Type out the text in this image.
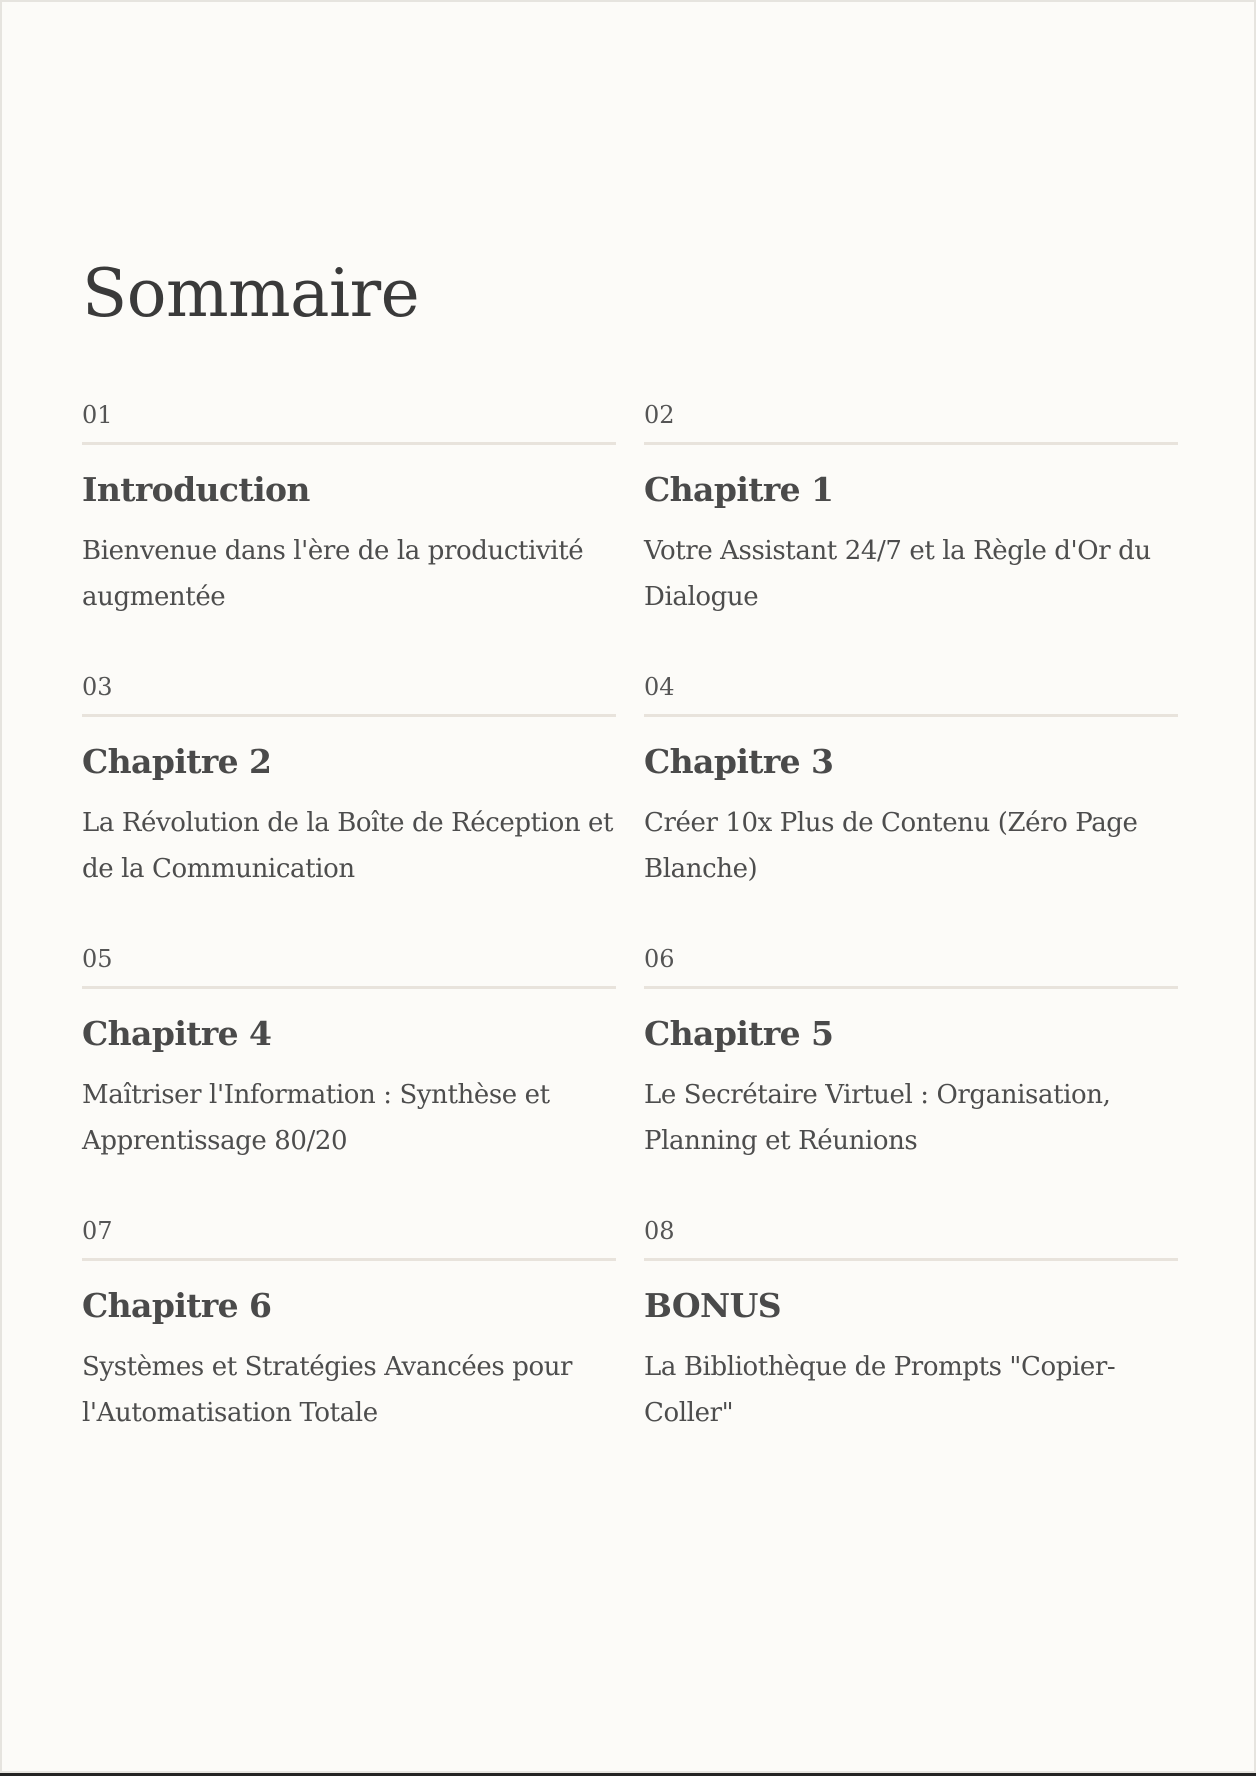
Sommaire
01
Introduction

Bienvenue dans l'ère de la productivité augmentée

02
Chapitre 1

Votre Assistant 24/7 et la Règle d'Or du Dialogue

03
Chapitre 2

La Révolution de la Boîte de Réception et de la Communication

04
Chapitre 3

Créer 10x Plus de Contenu (Zéro Page Blanche)

05
Chapitre 4

Maîtriser l'Information : Synthèse et Apprentissage 80/20

06
Chapitre 5

Le Secrétaire Virtuel : Organisation, Planning et Réunions

07
Chapitre 6

Systèmes et Stratégies Avancées pour l'Automatisation Totale

08
BONUS

La Bibliothèque de Prompts "Copier-Coller"
